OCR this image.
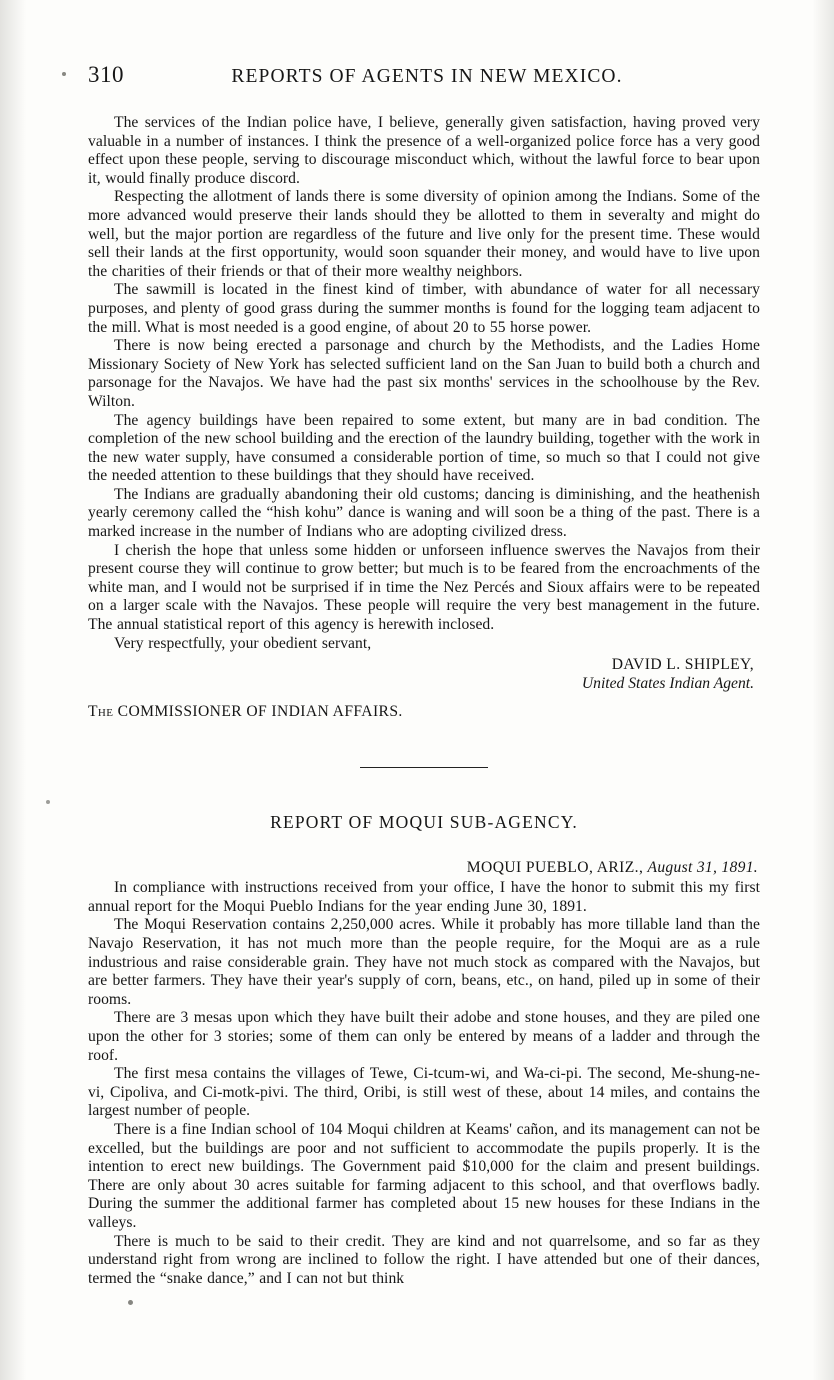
310	REPORTS OF AGENTS IN NEW MEXICO.

The services of the Indian police have, I believe, generally given satisfaction, having proved very valuable in a number of instances. I think the presence of a well-organized police force has a very good effect upon these people, serving to discourage misconduct which, without the lawful force to bear upon it, would finally produce discord.

Respecting the allotment of lands there is some diversity of opinion among the Indians. Some of the more advanced would preserve their lands should they be allotted to them in severalty and might do well, but the major portion are regardless of the future and live only for the present time. These would sell their lands at the first opportunity, would soon squander their money, and would have to live upon the charities of their friends or that of their more wealthy neighbors.

The sawmill is located in the finest kind of timber, with abundance of water for all necessary purposes, and plenty of good grass during the summer months is found for the logging team adjacent to the mill. What is most needed is a good engine, of about 20 to 55 horse power.

There is now being erected a parsonage and church by the Methodists, and the Ladies Home Missionary Society of New York has selected sufficient land on the San Juan to build both a church and parsonage for the Navajos. We have had the past six months' services in the schoolhouse by the Rev. Wilton.

The agency buildings have been repaired to some extent, but many are in bad condition. The completion of the new school building and the erection of the laundry building, together with the work in the new water supply, have consumed a considerable portion of time, so much so that I could not give the needed attention to these buildings that they should have received.

The Indians are gradually abandoning their old customs; dancing is diminishing, and the heathenish yearly ceremony called the “hish kohu” dance is waning and will soon be a thing of the past. There is a marked increase in the number of Indians who are adopting civilized dress.

I cherish the hope that unless some hidden or unforseen influence swerves the Navajos from their present course they will continue to grow better; but much is to be feared from the encroachments of the white man, and I would not be surprised if in time the Nez Percés and Sioux affairs were to be repeated on a larger scale with the Navajos. These people will require the very best management in the future. The annual statistical report of this agency is herewith inclosed.

Very respectfully, your obedient servant,

DAVID L. SHIPLEY,
United States Indian Agent.
The COMMISSIONER OF INDIAN AFFAIRS.
REPORT OF MOQUI SUB-AGENCY.
MOQUI PUEBLO, ARIZ., August 31, 1891.

In compliance with instructions received from your office, I have the honor to submit this my first annual report for the Moqui Pueblo Indians for the year ending June 30, 1891.

The Moqui Reservation contains 2,250,000 acres. While it probably has more tillable land than the Navajo Reservation, it has not much more than the people require, for the Moqui are as a rule industrious and raise considerable grain. They have not much stock as compared with the Navajos, but are better farmers. They have their year's supply of corn, beans, etc., on hand, piled up in some of their rooms.

There are 3 mesas upon which they have built their adobe and stone houses, and they are piled one upon the other for 3 stories; some of them can only be entered by means of a ladder and through the roof.

The first mesa contains the villages of Tewe, Ci-tcum-wi, and Wa-ci-pi. The second, Me-shung-ne-vi, Cipoliva, and Ci-motk-pivi. The third, Oribi, is still west of these, about 14 miles, and contains the largest number of people.

There is a fine Indian school of 104 Moqui children at Keams' cañon, and its management can not be excelled, but the buildings are poor and not sufficient to accommodate the pupils properly. It is the intention to erect new buildings. The Government paid $10,000 for the claim and present buildings. There are only about 30 acres suitable for farming adjacent to this school, and that overflows badly. During the summer the additional farmer has completed about 15 new houses for these Indians in the valleys.

There is much to be said to their credit. They are kind and not quarrelsome, and so far as they understand right from wrong are inclined to follow the right. I have attended but one of their dances, termed the “snake dance,” and I can not but think
